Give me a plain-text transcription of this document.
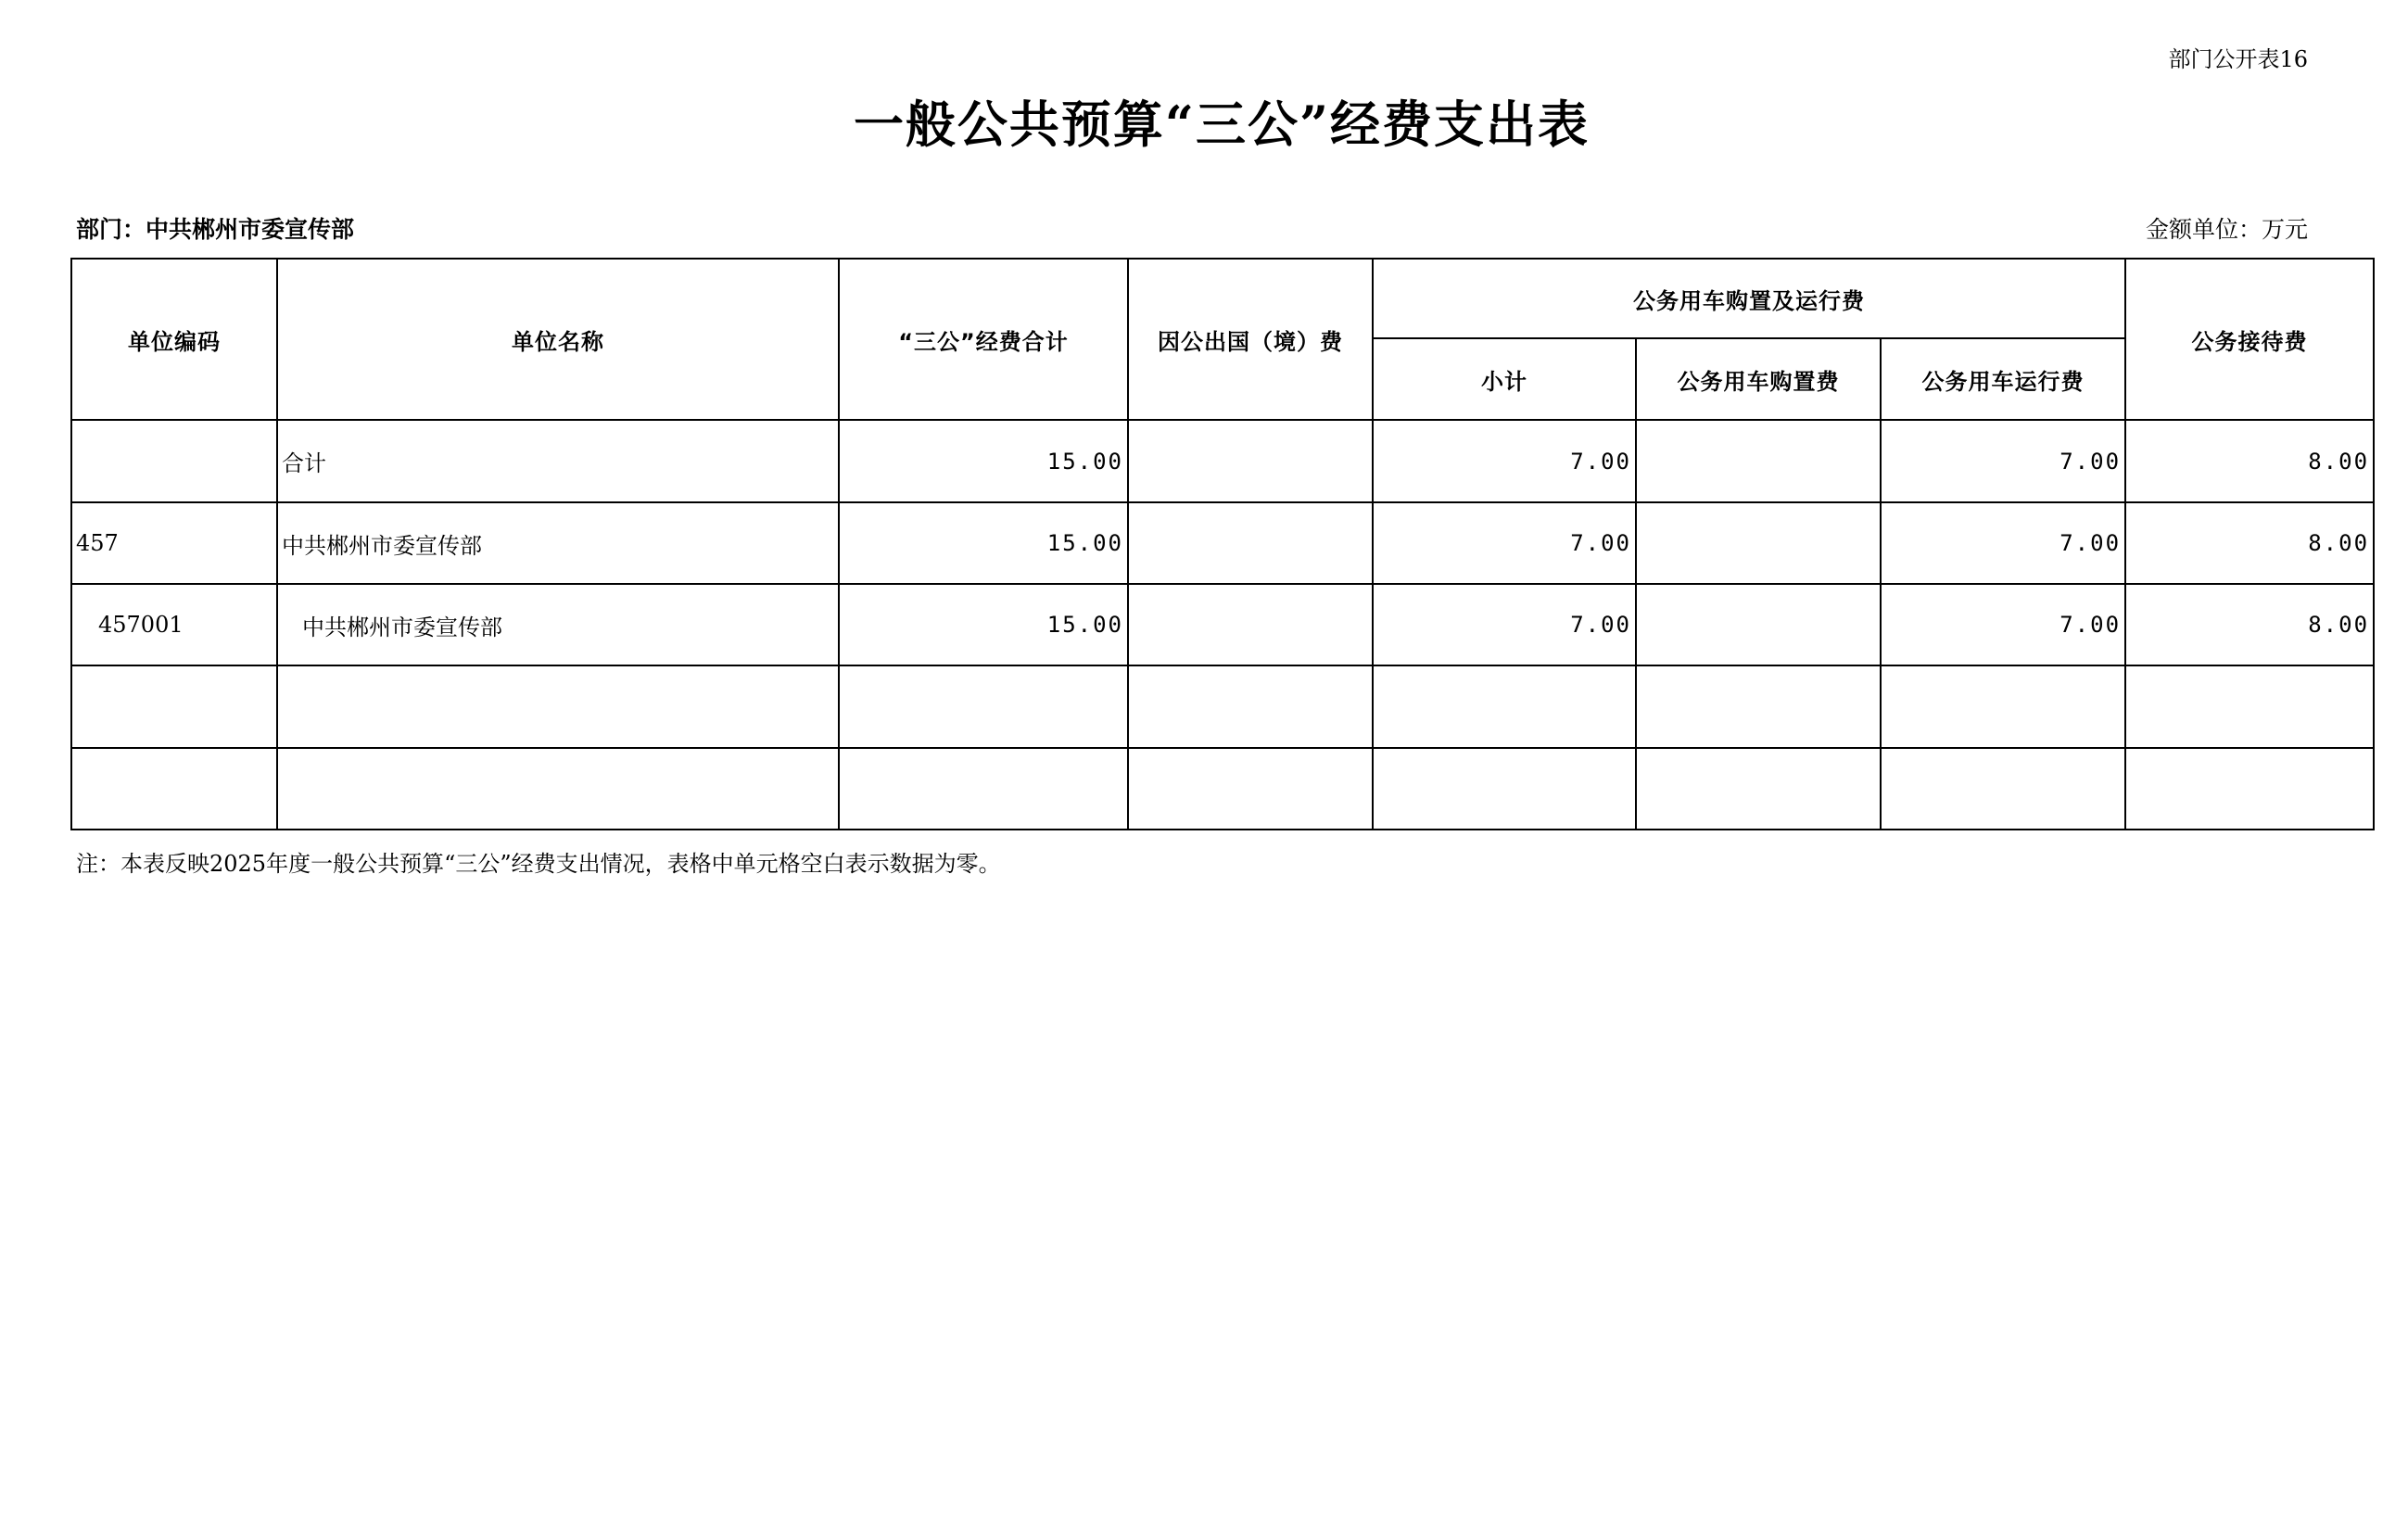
部门公开表16
一般公共预算“三公”经费支出表
部门：中共郴州市委宣传部	金额单位：万元
单位编码	单位名称	“三公”经费合计	因公出国（境）费	公务用车购置及运行费			公务接待费
				小计	公务用车购置费	公务用车运行费	
	合计	15.00		7.00		7.00	8.00
457	中共郴州市委宣传部	15.00		7.00		7.00	8.00
457001	中共郴州市委宣传部	15.00		7.00		7.00	8.00

注：本表反映2025年度一般公共预算“三公”经费支出情况，表格中单元格空白表示数据为零。
